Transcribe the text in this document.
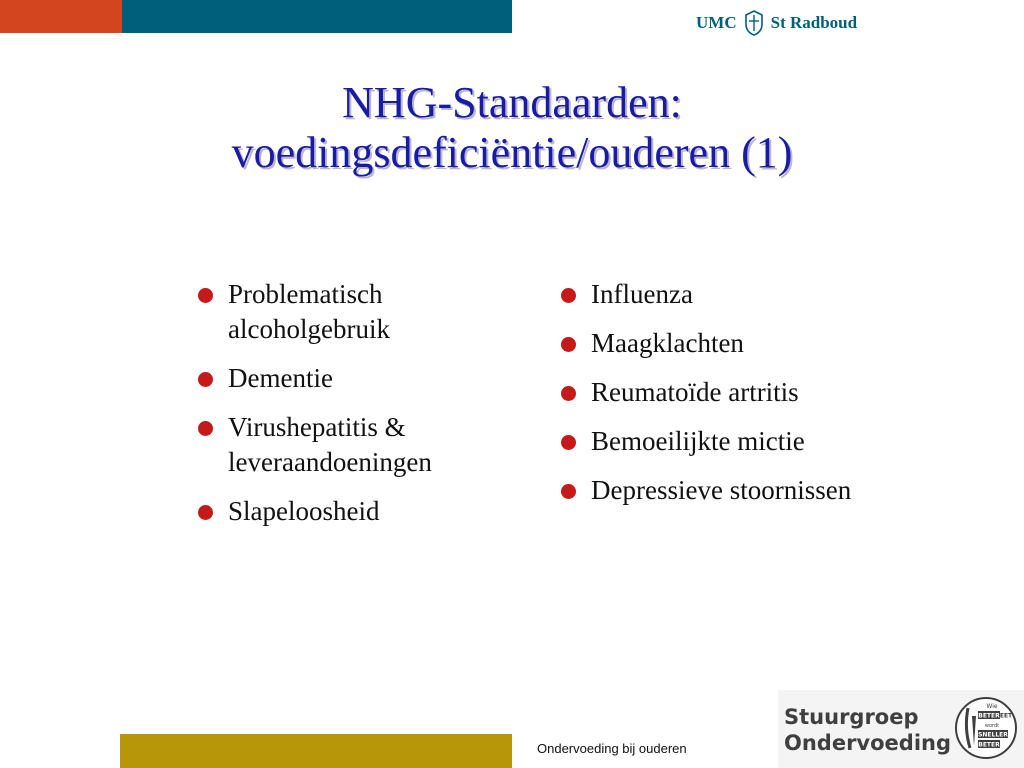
UMC St Radboud
NHG-Standaarden:
voedingsdeficiëntie/ouderen (1)
Problematisch alcoholgebruik
Dementie
Virushepatitis & leveraandoeningen
Slapeloosheid
Influenza
Maagklachten
Reumatoïde artritis
Bemoeilijkte mictie
Depressieve stoornissen
Ondervoeding bij ouderen
Stuurgroep
Ondervoeding
Wie
BETER EET
wordt
SNELLER
BETER
